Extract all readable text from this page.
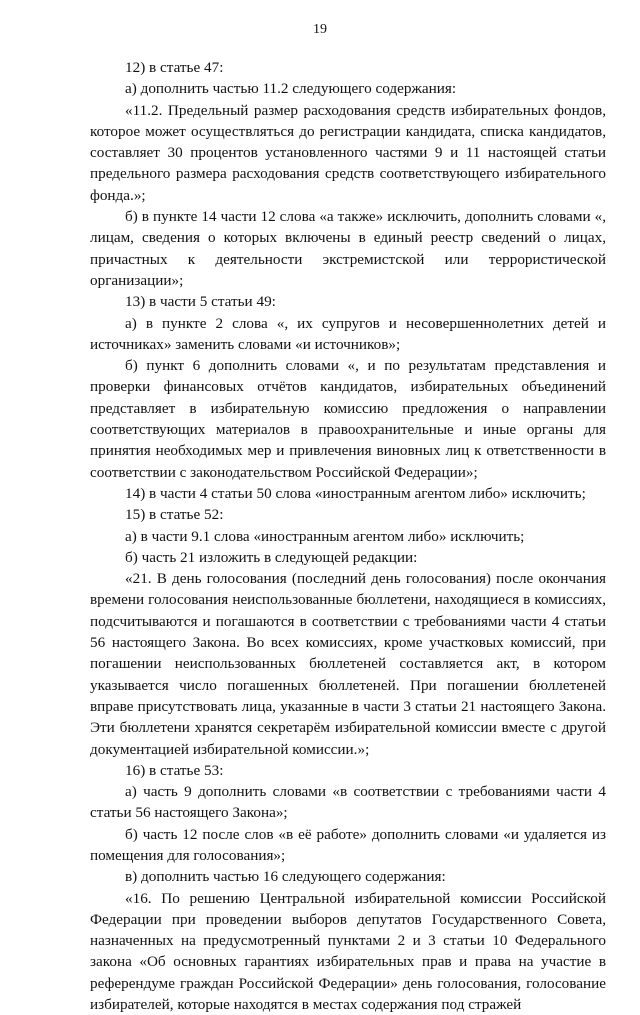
19

12) в статье 47:

а) дополнить частью 11.2 следующего содержания:

«11.2. Предельный размер расходования средств избирательных фондов, которое может осуществляться до регистрации кандидата, списка кандидатов, составляет 30 процентов установленного частями 9 и 11 настоящей статьи предельного размера расходования средств соответствующего избирательного фонда.»;

б) в пункте 14 части 12 слова «а также» исключить, дополнить словами «, лицам, сведения о которых включены в единый реестр сведений о лицах, причастных к деятельности экстремистской или террористической организации»;

13) в части 5 статьи 49:

а) в пункте 2 слова «, их супругов и несовершеннолетних детей и источниках» заменить словами «и источников»;

б) пункт 6 дополнить словами «, и по результатам представления и проверки финансовых отчётов кандидатов, избирательных объединений представляет в избирательную комиссию предложения о направлении соответствующих материалов в правоохранительные и иные органы для принятия необходимых мер и привлечения виновных лиц к ответственности в соответствии с законодательством Российской Федерации»;

14) в части 4 статьи 50 слова «иностранным агентом либо» исключить;

15) в статье 52:

а) в части 9.1 слова «иностранным агентом либо» исключить;

б) часть 21 изложить в следующей редакции:

«21. В день голосования (последний день голосования) после окончания времени голосования неиспользованные бюллетени, находящиеся в комиссиях, подсчитываются и погашаются в соответствии с требованиями части 4 статьи 56 настоящего Закона. Во всех комиссиях, кроме участковых комиссий, при погашении неиспользованных бюллетеней составляется акт, в котором указывается число погашенных бюллетеней. При погашении бюллетеней вправе присутствовать лица, указанные в части 3 статьи 21 настоящего Закона. Эти бюллетени хранятся секретарём избирательной комиссии вместе с другой документацией избирательной комиссии.»;

16) в статье 53:

а) часть 9 дополнить словами «в соответствии с требованиями части 4 статьи 56 настоящего Закона»;

б) часть 12 после слов «в её работе» дополнить словами «и удаляется из помещения для голосования»;

в) дополнить частью 16 следующего содержания:

«16. По решению Центральной избирательной комиссии Российской Федерации при проведении выборов депутатов Государственного Совета, назначенных на предусмотренный пунктами 2 и 3 статьи 10 Федерального закона «Об основных гарантиях избирательных прав и права на участие в референдуме граждан Российской Федерации» день голосования, голосование избирателей, которые находятся в местах содержания под стражей
